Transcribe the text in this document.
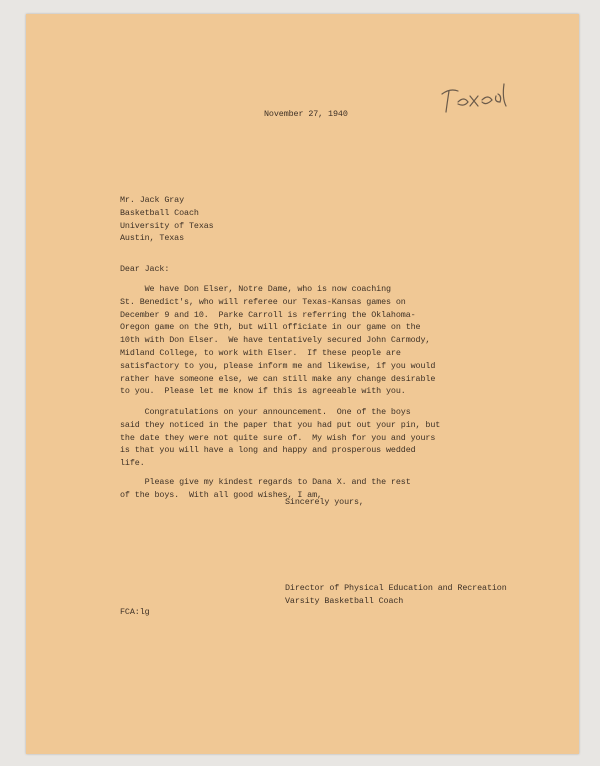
November 27, 1940
Mr. Jack Gray
Basketball Coach
University of Texas
Austin, Texas
Dear Jack:
We have Don Elser, Notre Dame, who is now coaching
St. Benedict's, who will referee our Texas-Kansas games on
December 9 and 10.  Parke Carroll is referring the Oklahoma-
Oregon game on the 9th, but will officiate in our game on the
10th with Don Elser.  We have tentatively secured John Carmody,
Midland College, to work with Elser.  If these people are
satisfactory to you, please inform me and likewise, if you would
rather have someone else, we can still make any change desirable
to you.  Please let me know if this is agreeable with you.
Congratulations on your announcement.  One of the boys
said they noticed in the paper that you had put out your pin, but
the date they were not quite sure of.  My wish for you and yours
is that you will have a long and happy and prosperous wedded
life.
Please give my kindest regards to Dana X. and the rest
of the boys.  With all good wishes, I am,
Sincerely yours,
Director of Physical Education and Recreation
Varsity Basketball Coach
FCA:lg
